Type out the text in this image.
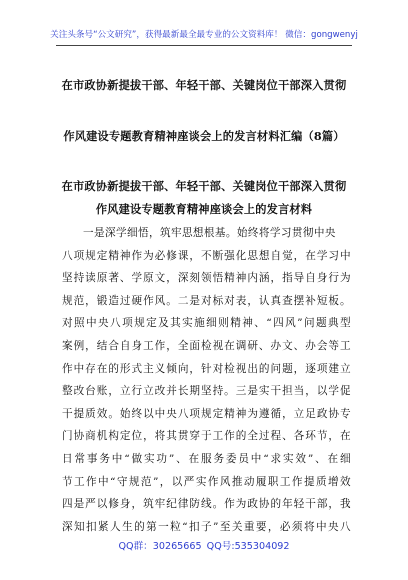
关注头条号“公文研究”，获得最新最全最专业的公文资料库！ 微信：gongwenyj
在市政协新提拔干部、年轻干部、关键岗位干部深入贯彻
作风建设专题教育精神座谈会上的发言材料汇编（8篇）
在市政协新提拔干部、年轻干部、关键岗位干部深入贯彻
作风建设专题教育精神座谈会上的发言材料
一是深学细悟，筑牢思想根基。始终将学习贯彻中央
八项规定精神作为必修课，不断强化思想自觉，在学习中
坚持读原著、学原文，深刻领悟精神内涵，指导自身行为
规范，锻造过硬作风。二是对标对表，认真查摆补短板。
对照中央八项规定及其实施细则精神、“四风”问题典型
案例，结合自身工作，全面检视在调研、办文、办会等工
作中存在的形式主义倾向，针对检视出的问题，逐项建立
整改台账，立行立改并长期坚持。三是实干担当，以学促
干提质效。始终以中央八项规定精神为遵循，立足政协专
门协商机构定位，将其贯穿于工作的全过程、各环节，在
日常事务中“做实功”、在服务委员中“求实效”、在细
节工作中“守规范”，以严实作风推动履职工作提质增效
四是严以修身，筑牢纪律防线。作为政协的年轻干部，我
深知扣紧人生的第一粒“扣子”至关重要，必须将中央八
QQ群：30265665 QQ号:535304092
